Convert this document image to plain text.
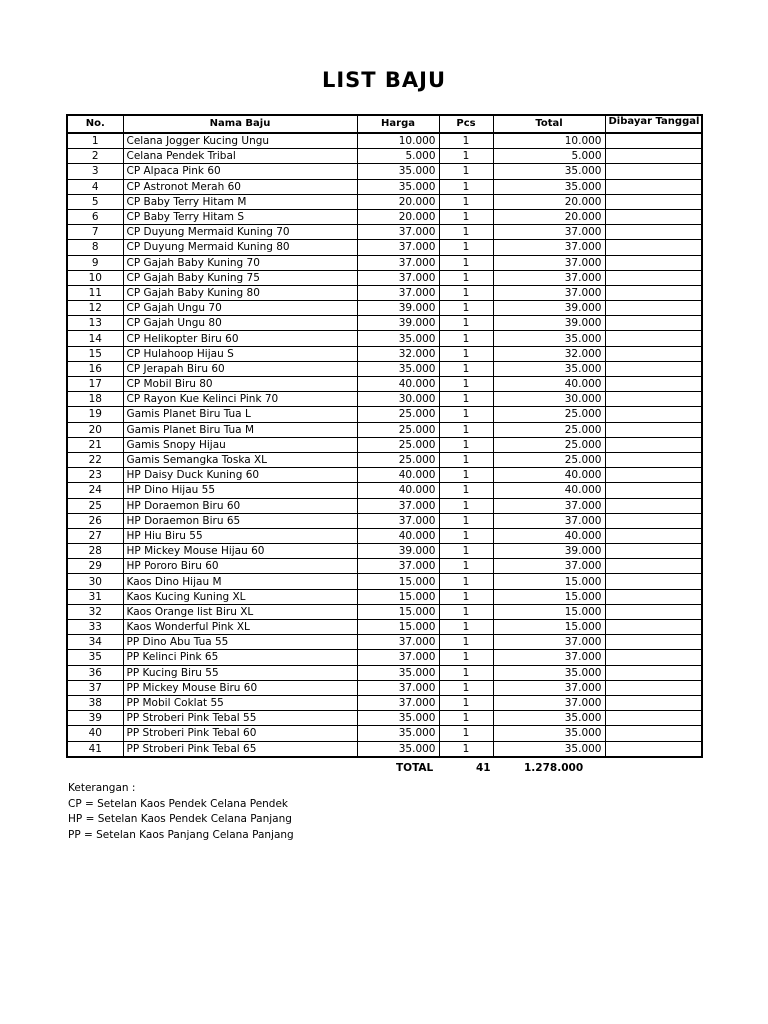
LIST BAJU
No.	Nama Baju	Harga	Pcs	Total	Dibayar Tanggal
1	Celana Jogger Kucing Ungu	10.000	1	10.000	
2	Celana Pendek Tribal	5.000	1	5.000	
3	CP Alpaca Pink 60	35.000	1	35.000	
4	CP Astronot Merah 60	35.000	1	35.000	
5	CP Baby Terry Hitam M	20.000	1	20.000	
6	CP Baby Terry Hitam S	20.000	1	20.000	
7	CP Duyung Mermaid Kuning 70	37.000	1	37.000	
8	CP Duyung Mermaid Kuning 80	37.000	1	37.000	
9	CP Gajah Baby Kuning 70	37.000	1	37.000	
10	CP Gajah Baby Kuning 75	37.000	1	37.000	
11	CP Gajah Baby Kuning 80	37.000	1	37.000	
12	CP Gajah Ungu 70	39.000	1	39.000	
13	CP Gajah Ungu 80	39.000	1	39.000	
14	CP Helikopter Biru 60	35.000	1	35.000	
15	CP Hulahoop Hijau S	32.000	1	32.000	
16	CP Jerapah Biru 60	35.000	1	35.000	
17	CP Mobil Biru 80	40.000	1	40.000	
18	CP Rayon Kue Kelinci Pink 70	30.000	1	30.000	
19	Gamis Planet Biru Tua L	25.000	1	25.000	
20	Gamis Planet Biru Tua M	25.000	1	25.000	
21	Gamis Snopy Hijau	25.000	1	25.000	
22	Gamis Semangka Toska XL	25.000	1	25.000	
23	HP Daisy Duck Kuning 60	40.000	1	40.000	
24	HP Dino Hijau 55	40.000	1	40.000	
25	HP Doraemon Biru 60	37.000	1	37.000	
26	HP Doraemon Biru 65	37.000	1	37.000	
27	HP Hiu Biru 55	40.000	1	40.000	
28	HP Mickey Mouse Hijau 60	39.000	1	39.000	
29	HP Pororo Biru 60	37.000	1	37.000	
30	Kaos Dino Hijau M	15.000	1	15.000	
31	Kaos Kucing Kuning XL	15.000	1	15.000	
32	Kaos Orange list Biru XL	15.000	1	15.000	
33	Kaos Wonderful Pink XL	15.000	1	15.000	
34	PP Dino Abu Tua 55	37.000	1	37.000	
35	PP Kelinci Pink 65	37.000	1	37.000	
36	PP Kucing Biru 55	35.000	1	35.000	
37	PP Mickey Mouse Biru 60	37.000	1	37.000	
38	PP Mobil Coklat 55	37.000	1	37.000	
39	PP Stroberi Pink Tebal 55	35.000	1	35.000	
40	PP Stroberi Pink Tebal 60	35.000	1	35.000	
41	PP Stroberi Pink Tebal 65	35.000	1	35.000	
TOTAL	41	1.278.000
Keterangan :
CP = Setelan Kaos Pendek Celana Pendek
HP = Setelan Kaos Pendek Celana Panjang
PP = Setelan Kaos Panjang Celana Panjang
